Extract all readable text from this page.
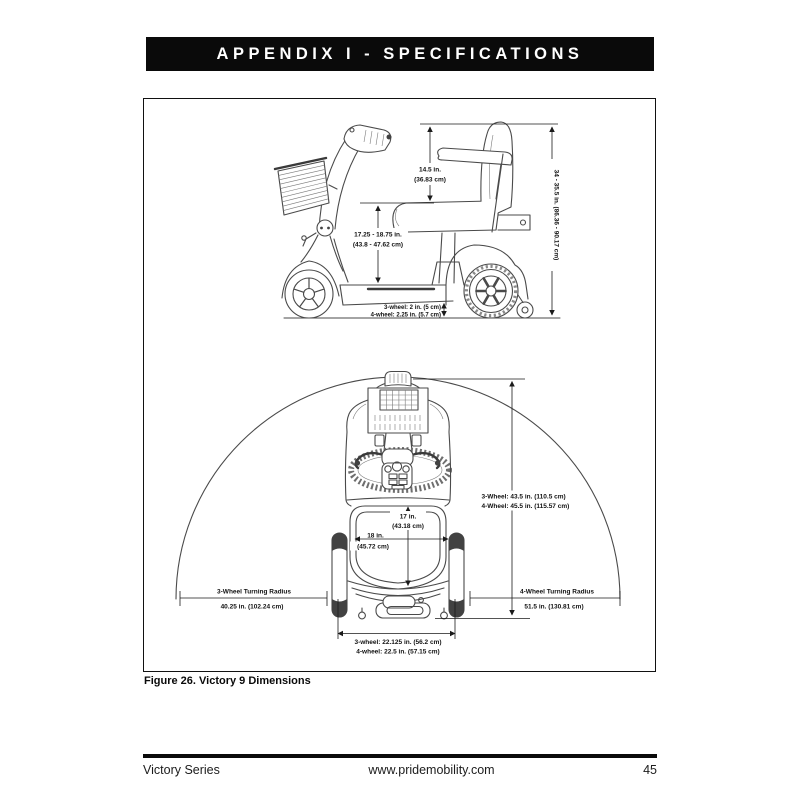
APPENDIX I - SPECIFICATIONS
14.5 in.
(36.83 cm)
17.25 - 18.75 in.
(43.8 - 47.62 cm)	34 - 35.5 in. (86.36 - 90.17 cm)
3-wheel: 2 in. (5 cm)
4-wheel: 2.25 in. (5.7 cm)
3-Wheel: 43.5 in. (110.5 cm)
4-Wheel: 45.5 in. (115.57 cm)
17 in.
(43.18 cm)
18 in.
(45.72 cm)
3-Wheel Turning Radius
40.25 in. (102.24 cm)
4-Wheel Turning Radius
51.5 in. (130.81 cm)
3-wheel: 22.125 in. (56.2 cm)
4-wheel: 22.5 in. (57.15 cm)
Figure 26. Victory 9 Dimensions
Victory Series	www.pridemobility.com	45
